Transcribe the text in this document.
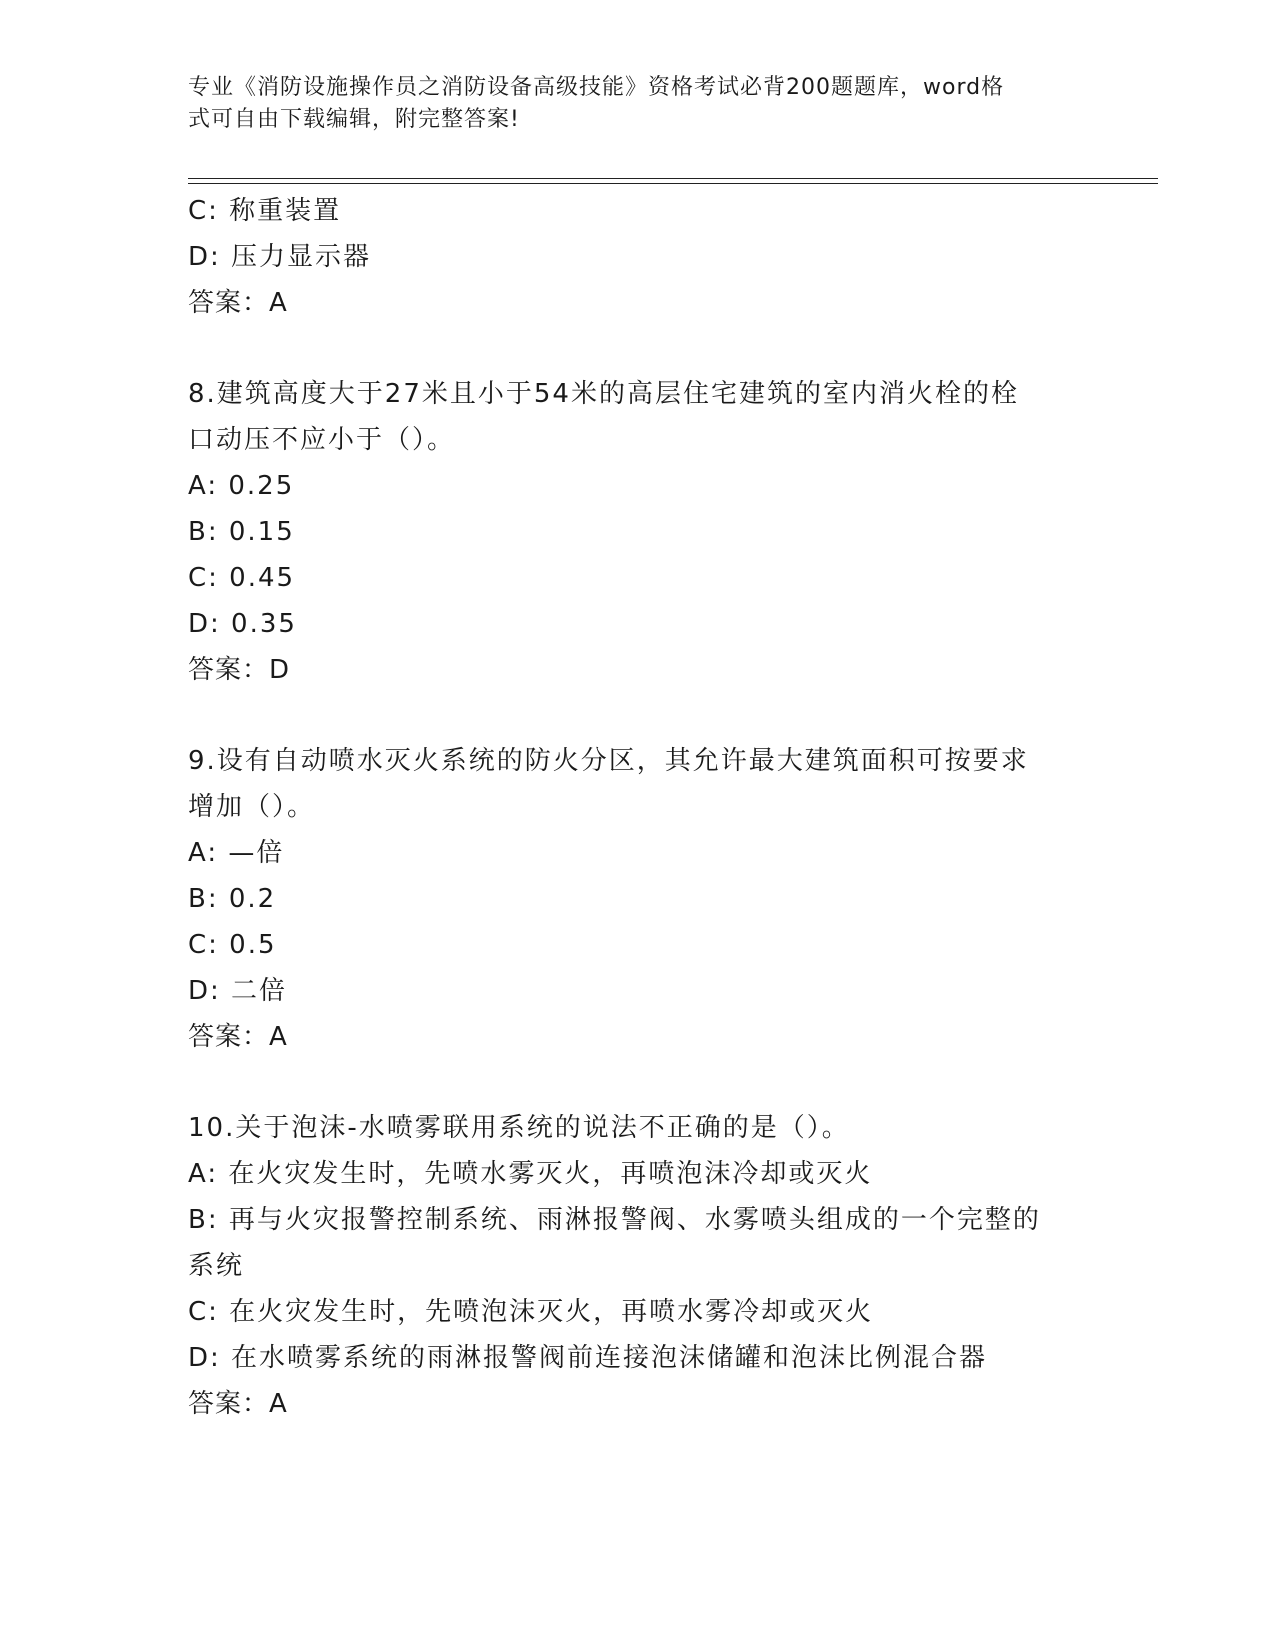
专业《消防设施操作员之消防设备高级技能》资格考试必背200题题库，word格
式可自由下载编辑，附完整答案!
C: 称重装置
D: 压力显示器
答案：A
8.建筑高度大于27米且小于54米的高层住宅建筑的室内消火栓的栓
口动压不应小于（）。
A: 0.25
B: 0.15
C: 0.45
D: 0.35
答案：D
9.设有自动喷水灭火系统的防火分区，其允许最大建筑面积可按要求
增加（）。
A: —倍
B: 0.2
C: 0.5
D: 二倍
答案：A
10.关于泡沫-水喷雾联用系统的说法不正确的是（）。
A: 在火灾发生时，先喷水雾灭火，再喷泡沫冷却或灭火
B: 再与火灾报警控制系统、雨淋报警阀、水雾喷头组成的一个完整的
系统
C: 在火灾发生时，先喷泡沫灭火，再喷水雾冷却或灭火
D: 在水喷雾系统的雨淋报警阀前连接泡沫储罐和泡沫比例混合器
答案：A
